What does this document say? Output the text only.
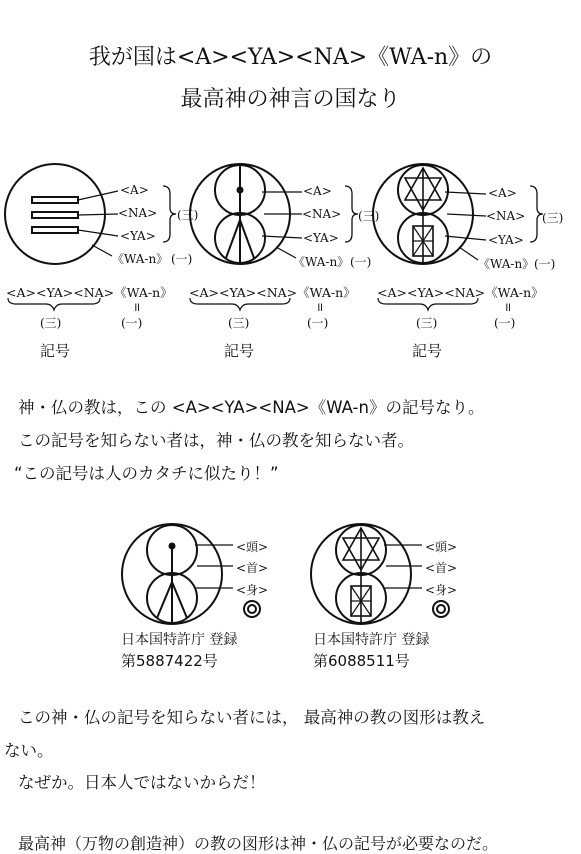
我が国は<A><YA><NA>《WA-n》の
最高神の神言の国なり
<A>
<NA>
<YA>
《WA-n》
(三)
(一)
<A>
<NA>
<YA>
《WA-n》
(三)
(一)
<A>
<NA>
<YA>
《WA-n》
(三)
(一)
<A><YA><NA>《WA-n》
॥
(三)	(一)
記号
<A><YA><NA>《WA-n》
॥
(三)	(一)
記号
<A><YA><NA>《WA-n》
॥
(三)	(一)
記号
神・仏の教は，この <A><YA><NA>《WA-n》の記号なり。
この記号を知らない者は，神・仏の教を知らない者。
“この記号は人のカタチに似たり！”
<頭>
<首>
<身>
<頭>
<首>
<身>
日本国特許庁 登録
第5887422号
日本国特許庁 登録
第6088511号
この神・仏の記号を知らない者には， 最高神の教の図形は教え
ない。
なぜか。日本人ではないからだ！
最高神（万物の創造神）の教の図形は神・仏の記号が必要なのだ。
